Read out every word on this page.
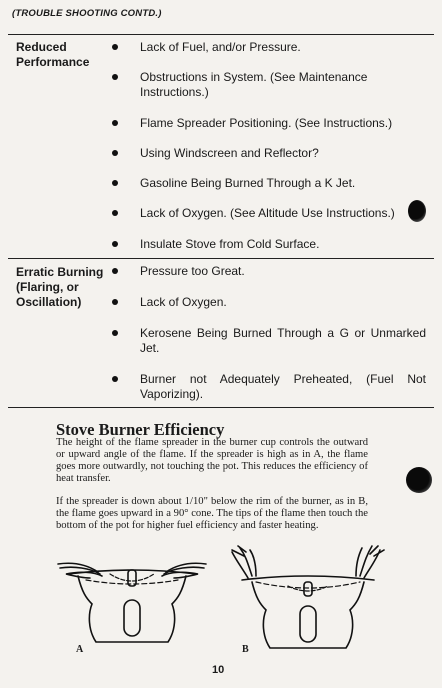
(TROUBLE SHOOTING CONTD.)
Reduced
Performance
Lack of Fuel, and/or Pressure.
Obstructions in System. (See Maintenance Instructions.)
Flame Spreader Positioning. (See Instructions.)
Using Windscreen and Reflector?
Gasoline Being Burned Through a K Jet.
Lack of Oxygen. (See Altitude Use Instructions.)
Insulate Stove from Cold Surface.
Erratic Burning
(Flaring, or
Oscillation)
Pressure too Great.
Lack of Oxygen.
Kerosene Being Burned Through a G or Unmarked Jet.
Burner not Adequately Preheated, (Fuel Not Vaporizing).
Stove Burner Efficiency
The height of the flame spreader in the burner cup controls the outward or upward angle of the flame. If the spreader is high as in A, the flame goes more outwardly, not touching the pot. This reduces the efficiency of heat transfer.
If the spreader is down about 1/10" below the rim of the burner, as in B, the flame goes upward in a 90° cone. The tips of the flame then touch the bottom of the pot for higher fuel efficiency and faster heating.
A	B
10
